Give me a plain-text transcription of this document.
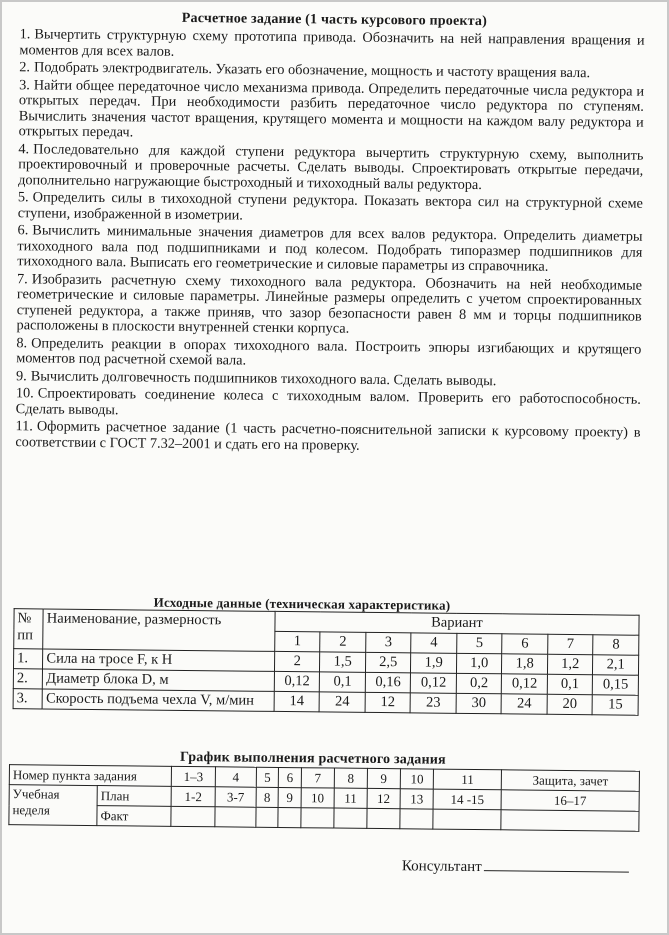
Расчетное задание (1 часть курсового проекта)
1. Вычертить структурную схему прототипа привода. Обозначить на ней направления вращения и моментов для всех валов.
2. Подобрать электродвигатель. Указать его обозначение, мощность и частоту вращения вала.
3. Найти общее передаточное число механизма привода. Определить передаточные числа редуктора и открытых передач. При необходимости разбить передаточное число редуктора по ступеням. Вычислить значения частот вращения, крутящего момента и мощности на каждом валу редуктора и открытых передач.
4. Последовательно для каждой ступени редуктора вычертить структурную схему, выполнить проектировочный и проверочные расчеты. Сделать выводы. Спроектировать открытые передачи, дополнительно нагружающие быстроходный и тихоходный валы редуктора.
5. Определить силы в тихоходной ступени редуктора. Показать вектора сил на структурной схеме ступени, изображенной в изометрии.
6. Вычислить минимальные значения диаметров для всех валов редуктора. Определить диаметры тихоходного вала под подшипниками и под колесом. Подобрать типоразмер подшипников для тихоходного вала. Выписать его геометрические и силовые параметры из справочника.
7. Изобразить расчетную схему тихоходного вала редуктора. Обозначить на ней необходимые геометрические и силовые параметры. Линейные размеры определить с учетом спроектированных ступеней редуктора, а также приняв, что зазор безопасности равен 8 мм и торцы подшипников расположены в плоскости внутренней стенки корпуса.
8. Определить реакции в опорах тихоходного вала. Построить эпюры изгибающих и крутящего моментов под расчетной схемой вала.
9. Вычислить долговечность подшипников тихоходного вала. Сделать выводы.
10. Спроектировать соединение колеса с тихоходным валом. Проверить его работоспособность. Сделать выводы.
11. Оформить расчетное задание (1 часть расчетно-пояснительной записки к курсовому проекту) в соответствии с ГОСТ 7.32–2001 и сдать его на проверку.
Исходные данные (техническая характеристика)
№ пп	Наименование, размерность	Вариант							
		1	2	3	4	5	6	7	8
1.	Сила на тросе F, к Н	2	1,5	2,5	1,9	1,0	1,8	1,2	2,1
2.	Диаметр блока D, м	0,12	0,1	0,16	0,12	0,2	0,12	0,1	0,15
3.	Скорость подъема чехла V, м/мин	14	24	12	23	30	24	20	15
График выполнения расчетного задания
Номер пункта задания		1–3	4	5	6	7	8	9	10	11	Защита, зачет
Учебная неделя	План	1-2	3-7	8	9	10	11	12	13	14 -15	16–17
	Факт										
Консультант
